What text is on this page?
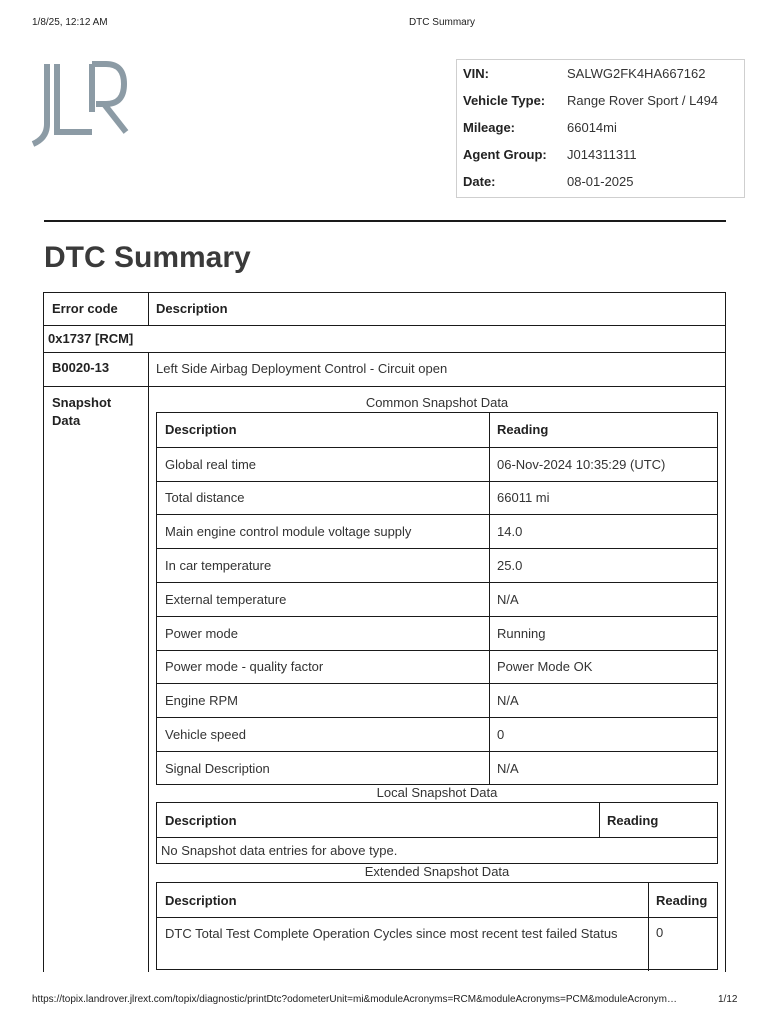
1/8/25, 12:12 AM	DTC Summary
VIN:	SALWG2FK4HA667162
Vehicle Type: Range Rover Sport / L494
Mileage:	66014mi
Agent Group: J014311311
Date:	08-01-2025
DTC Summary
Error code	Description
0x1737 [RCM]
B0020-13	Left Side Airbag Deployment Control - Circuit open
Snapshot Data
Common Snapshot Data
Description	Reading
Global real time	06-Nov-2024 10:35:29 (UTC)
Total distance	66011 mi
Main engine control module voltage supply	14.0
In car temperature	25.0
External temperature	N/A
Power mode	Running
Power mode - quality factor	Power Mode OK
Engine RPM	N/A
Vehicle speed	0
Signal Description	N/A
Local Snapshot Data
Description	Reading
No Snapshot data entries for above type.
Extended Snapshot Data
Description	Reading
DTC Total Test Complete Operation Cycles since most recent test failed Status	0

https://topix.landrover.jlrext.com/topix/diagnostic/printDtc?odometerUnit=mi&moduleAcronyms=RCM&moduleAcronyms=PCM&moduleAcronym…	1/12
